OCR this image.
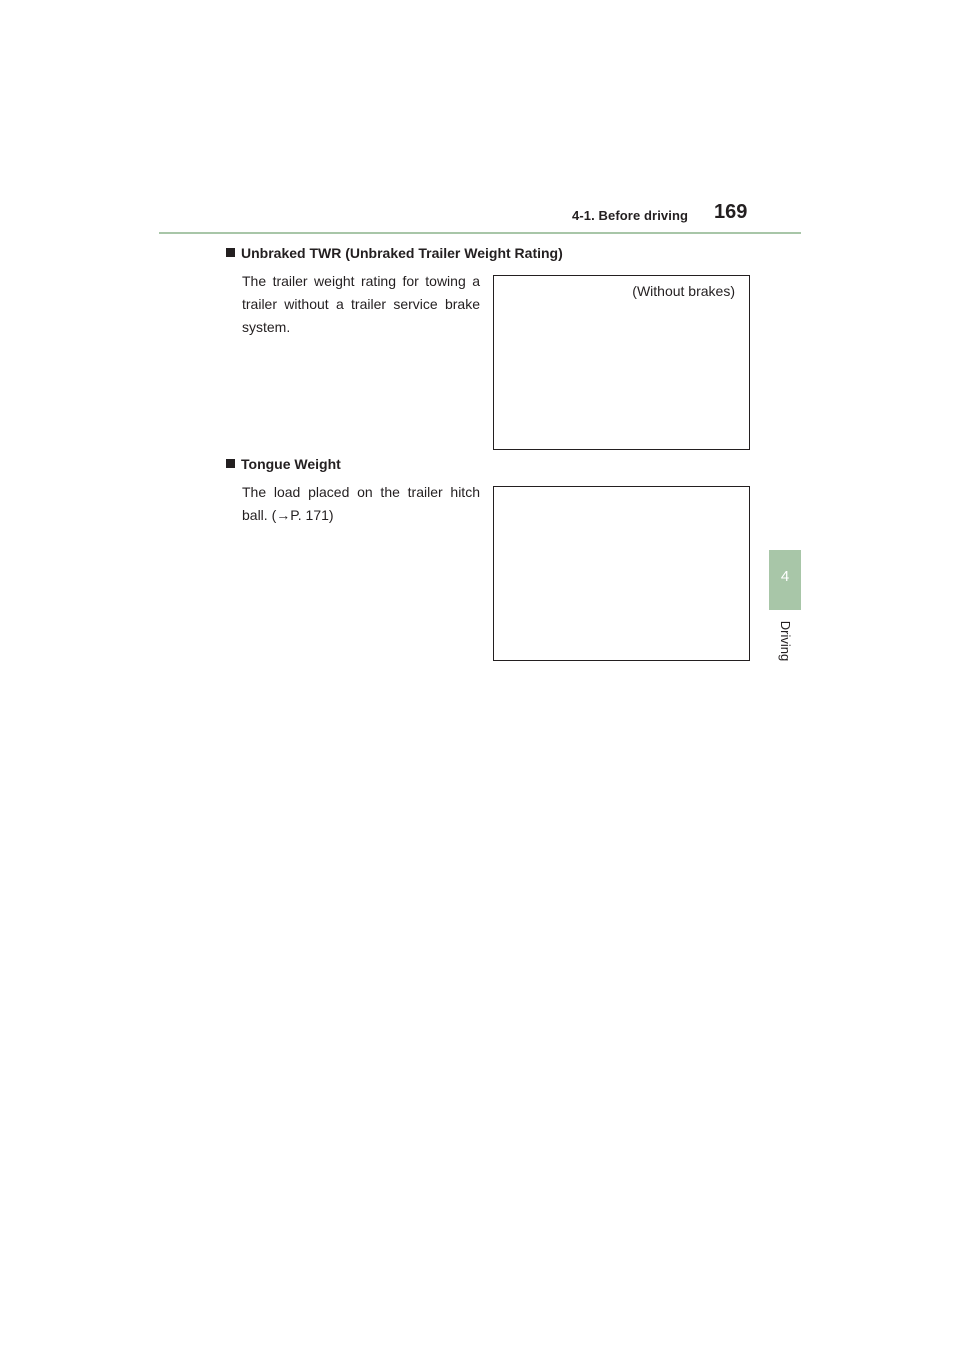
4-1. Before driving 169
4
Driving
Unbraked TWR (Unbraked Trailer Weight Rating)
The trailer weight rating for towing a trailer without a trailer service brake system.
(Without brakes)
Tongue Weight
The load placed on the trailer hitch ball. (→P. 171)
